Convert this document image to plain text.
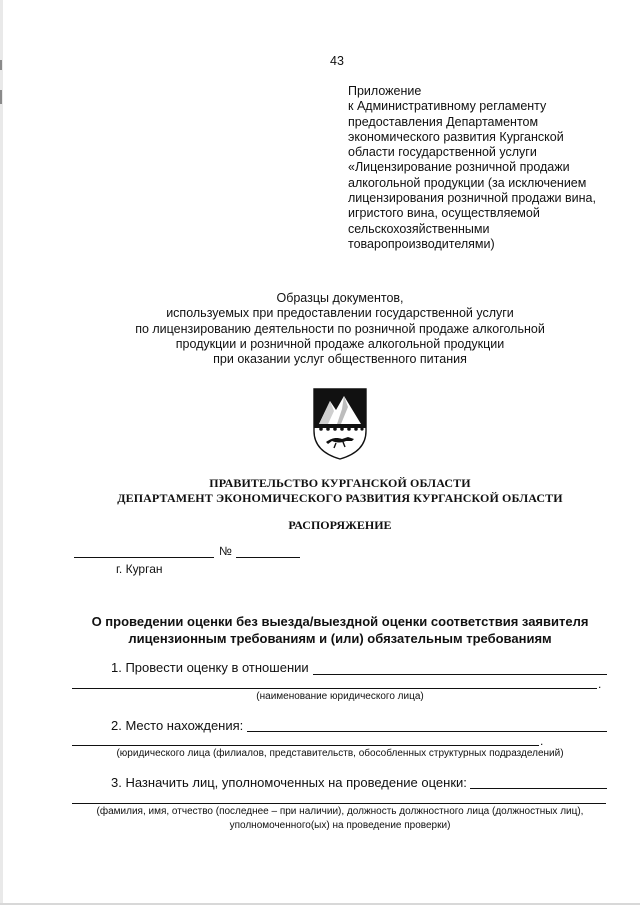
43
Приложение
к Административному регламенту
предоставления Департаментом
экономического развития Курганской
области государственной услуги
«Лицензирование розничной продажи
алкогольной продукции (за исключением
лицензирования розничной продажи вина,
игристого вина, осуществляемой
сельскохозяйственными
товаропроизводителями)
Образцы документов,
используемых при предоставлении государственной услуги
по лицензированию деятельности по розничной продаже алкогольной
продукции и розничной продаже алкогольной продукции
при оказании услуг общественного питания
ПРАВИТЕЛЬСТВО КУРГАНСКОЙ ОБЛАСТИ
ДЕПАРТАМЕНТ ЭКОНОМИЧЕСКОГО РАЗВИТИЯ КУРГАНСКОЙ ОБЛАСТИ
РАСПОРЯЖЕНИЕ
№
г. Курган
О проведении оценки без выезда/выездной оценки соответствия заявителя
лицензионным требованиям и (или) обязательным требованиям
1. Провести оценку в отношении
.
(наименование юридического лица)
2. Место нахождения:
.
(юридического лица (филиалов, представительств, обособленных структурных подразделений)
3. Назначить лиц, уполномоченных на проведение оценки:
(фамилия, имя, отчество (последнее – при наличии), должность должностного лица (должностных лиц),
уполномоченного(ых) на проведение проверки)
